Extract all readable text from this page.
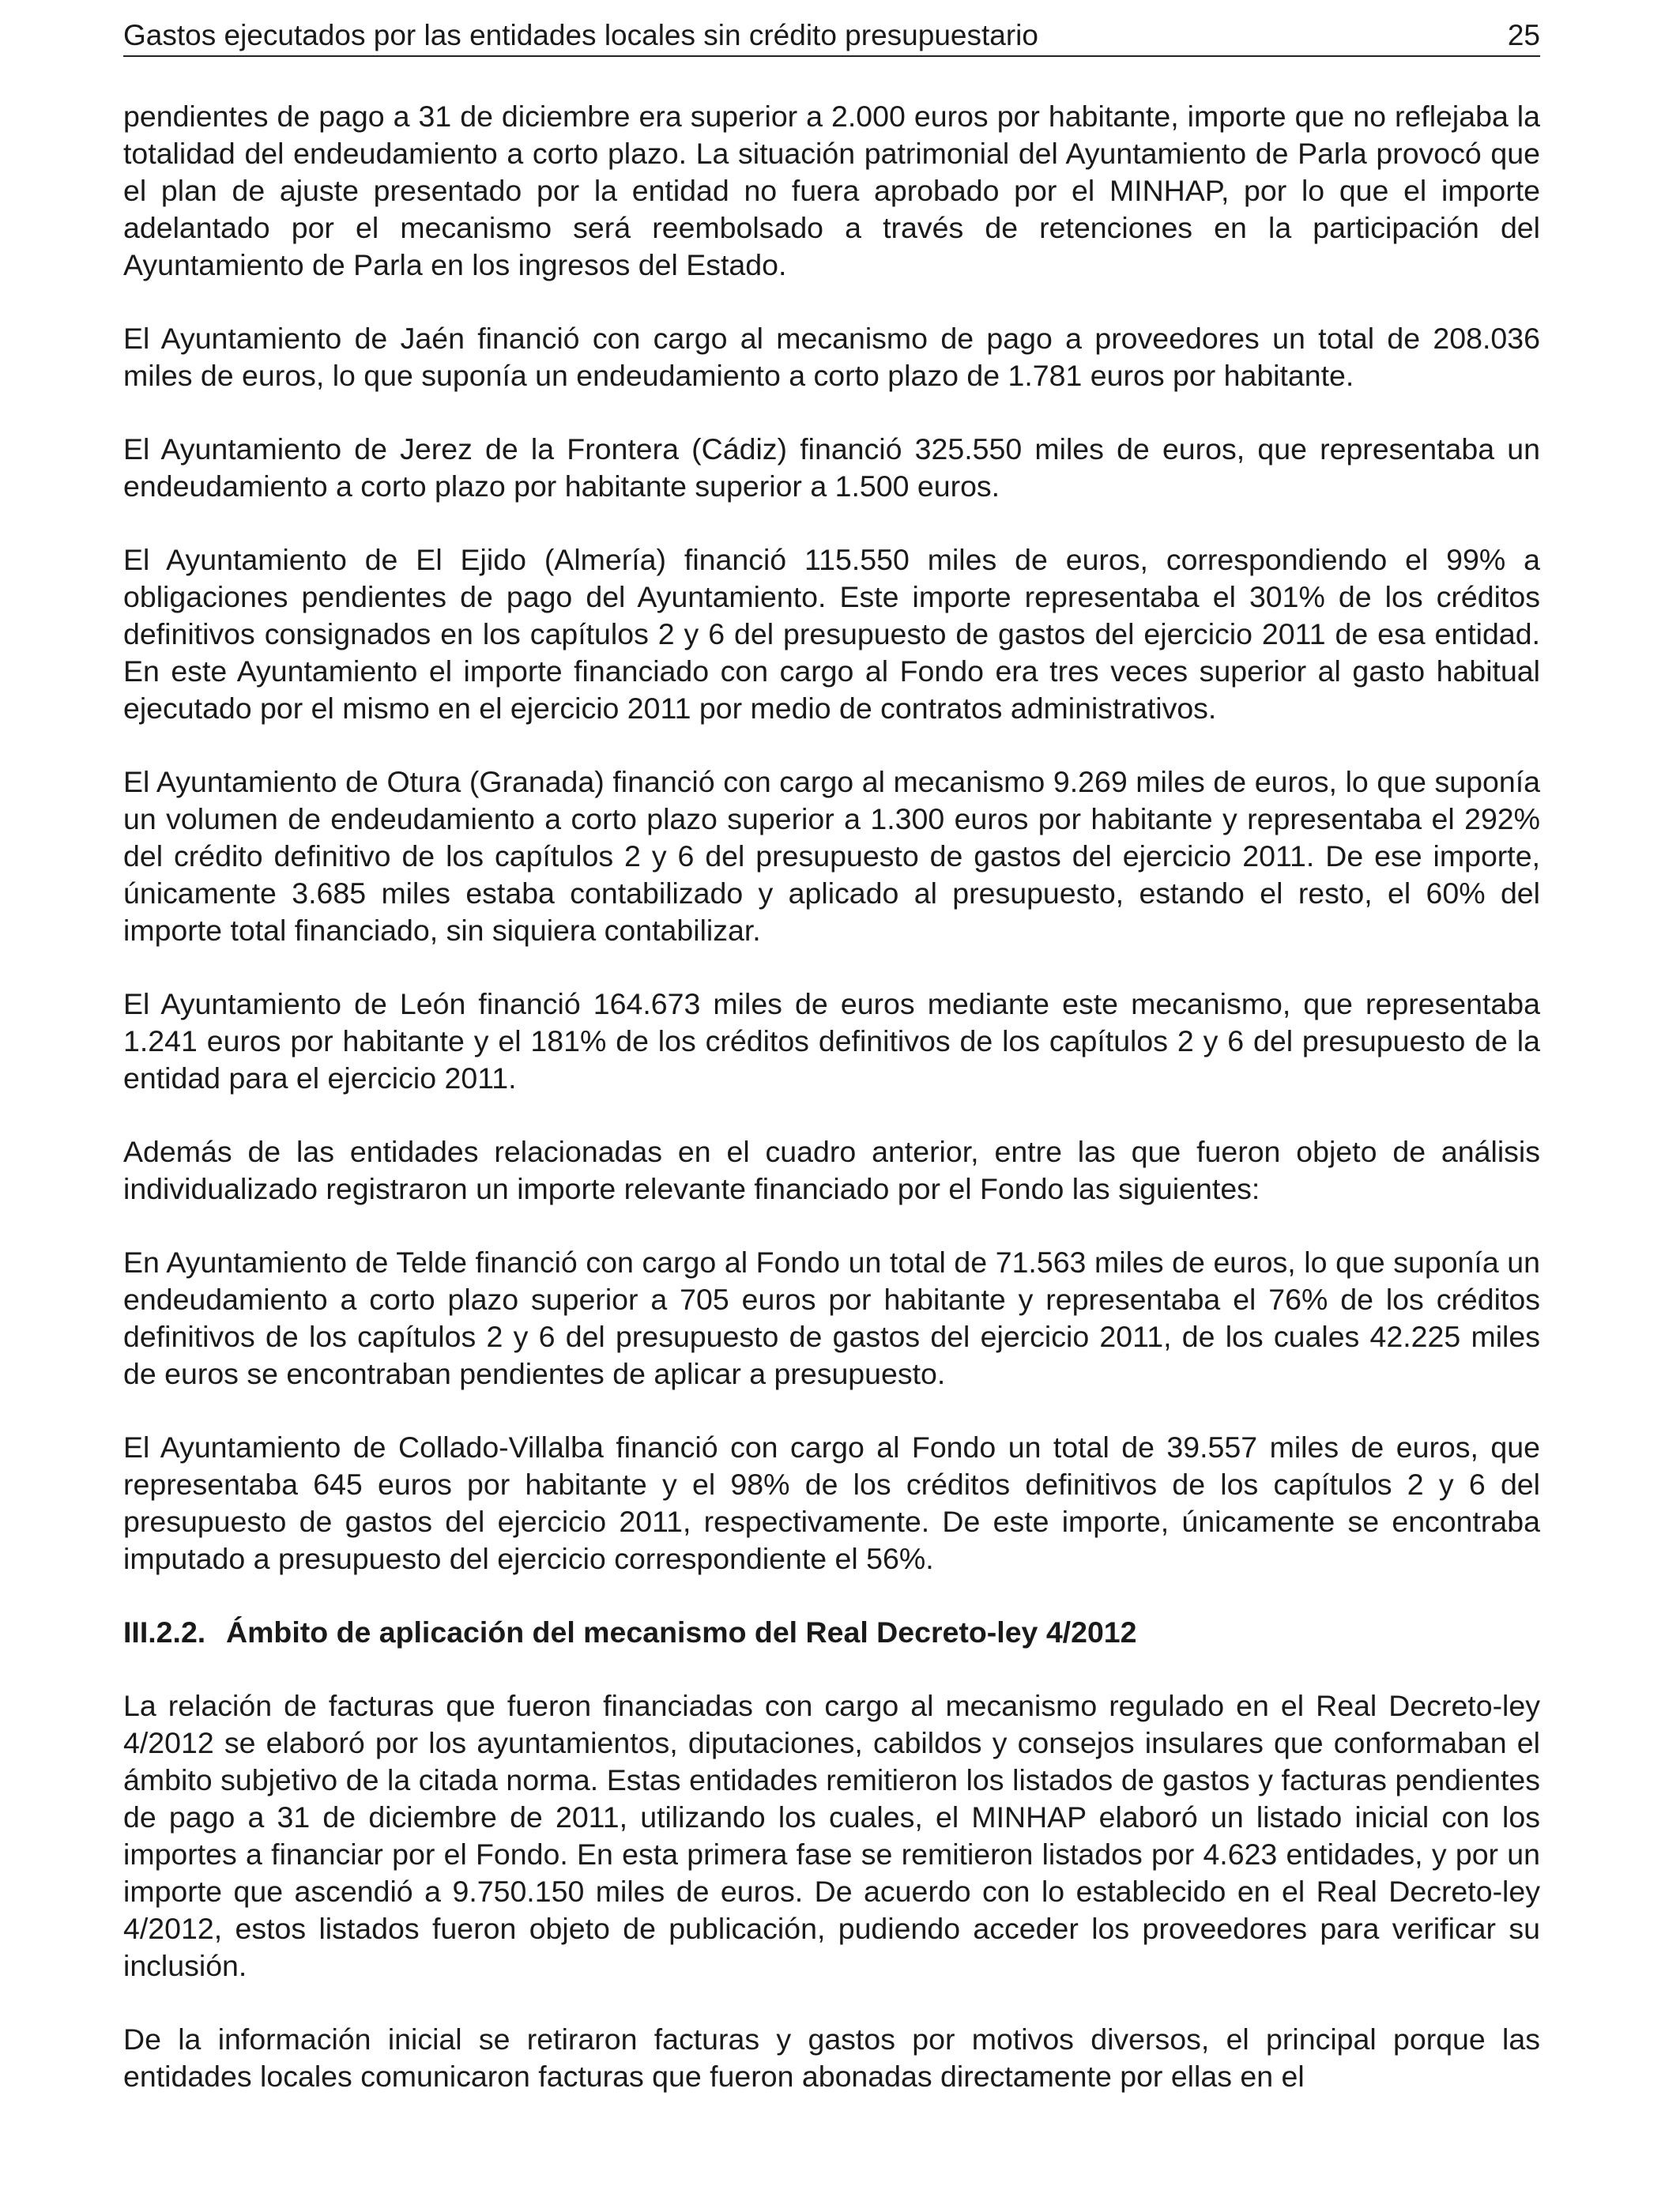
Gastos ejecutados por las entidades locales sin crédito presupuestario	25

pendientes de pago a 31 de diciembre era superior a 2.000 euros por habitante, importe que no reflejaba la totalidad del endeudamiento a corto plazo. La situación patrimonial del Ayuntamiento de Parla provocó que el plan de ajuste presentado por la entidad no fuera aprobado por el MINHAP, por lo que el importe adelantado por el mecanismo será reembolsado a través de retenciones en la participación del Ayuntamiento de Parla en los ingresos del Estado.

El Ayuntamiento de Jaén financió con cargo al mecanismo de pago a proveedores un total de 208.036 miles de euros, lo que suponía un endeudamiento a corto plazo de 1.781 euros por habitante.

El Ayuntamiento de Jerez de la Frontera (Cádiz) financió 325.550 miles de euros, que representaba un endeudamiento a corto plazo por habitante superior a 1.500 euros.

El Ayuntamiento de El Ejido (Almería) financió 115.550 miles de euros, correspondiendo el 99% a obligaciones pendientes de pago del Ayuntamiento. Este importe representaba el 301% de los créditos definitivos consignados en los capítulos 2 y 6 del presupuesto de gastos del ejercicio 2011 de esa entidad. En este Ayuntamiento el importe financiado con cargo al Fondo era tres veces superior al gasto habitual ejecutado por el mismo en el ejercicio 2011 por medio de contratos administrativos.

El Ayuntamiento de Otura (Granada) financió con cargo al mecanismo 9.269 miles de euros, lo que suponía un volumen de endeudamiento a corto plazo superior a 1.300 euros por habitante y representaba el 292% del crédito definitivo de los capítulos 2 y 6 del presupuesto de gastos del ejercicio 2011. De ese importe, únicamente 3.685 miles estaba contabilizado y aplicado al presupuesto, estando el resto, el 60% del importe total financiado, sin siquiera contabilizar.

El Ayuntamiento de León financió 164.673 miles de euros mediante este mecanismo, que representaba 1.241 euros por habitante y el 181% de los créditos definitivos de los capítulos 2 y 6 del presupuesto de la entidad para el ejercicio 2011.

Además de las entidades relacionadas en el cuadro anterior, entre las que fueron objeto de análisis individualizado registraron un importe relevante financiado por el Fondo las siguientes:

En Ayuntamiento de Telde financió con cargo al Fondo un total de 71.563 miles de euros, lo que suponía un endeudamiento a corto plazo superior a 705 euros por habitante y representaba el 76% de los créditos definitivos de los capítulos 2 y 6 del presupuesto de gastos del ejercicio 2011, de los cuales 42.225 miles de euros se encontraban pendientes de aplicar a presupuesto.

El Ayuntamiento de Collado-Villalba financió con cargo al Fondo un total de 39.557 miles de euros, que representaba 645 euros por habitante y el 98% de los créditos definitivos de los capítulos 2 y 6 del presupuesto de gastos del ejercicio 2011, respectivamente. De este importe, únicamente se encontraba imputado a presupuesto del ejercicio correspondiente el 56%.

III.2.2. Ámbito de aplicación del mecanismo del Real Decreto-ley 4/2012

La relación de facturas que fueron financiadas con cargo al mecanismo regulado en el Real Decreto-ley 4/2012 se elaboró por los ayuntamientos, diputaciones, cabildos y consejos insulares que conformaban el ámbito subjetivo de la citada norma. Estas entidades remitieron los listados de gastos y facturas pendientes de pago a 31 de diciembre de 2011, utilizando los cuales, el MINHAP elaboró un listado inicial con los importes a financiar por el Fondo. En esta primera fase se remitieron listados por 4.623 entidades, y por un importe que ascendió a 9.750.150 miles de euros. De acuerdo con lo establecido en el Real Decreto-ley 4/2012, estos listados fueron objeto de publicación, pudiendo acceder los proveedores para verificar su inclusión.

De la información inicial se retiraron facturas y gastos por motivos diversos, el principal porque las entidades locales comunicaron facturas que fueron abonadas directamente por ellas en el
